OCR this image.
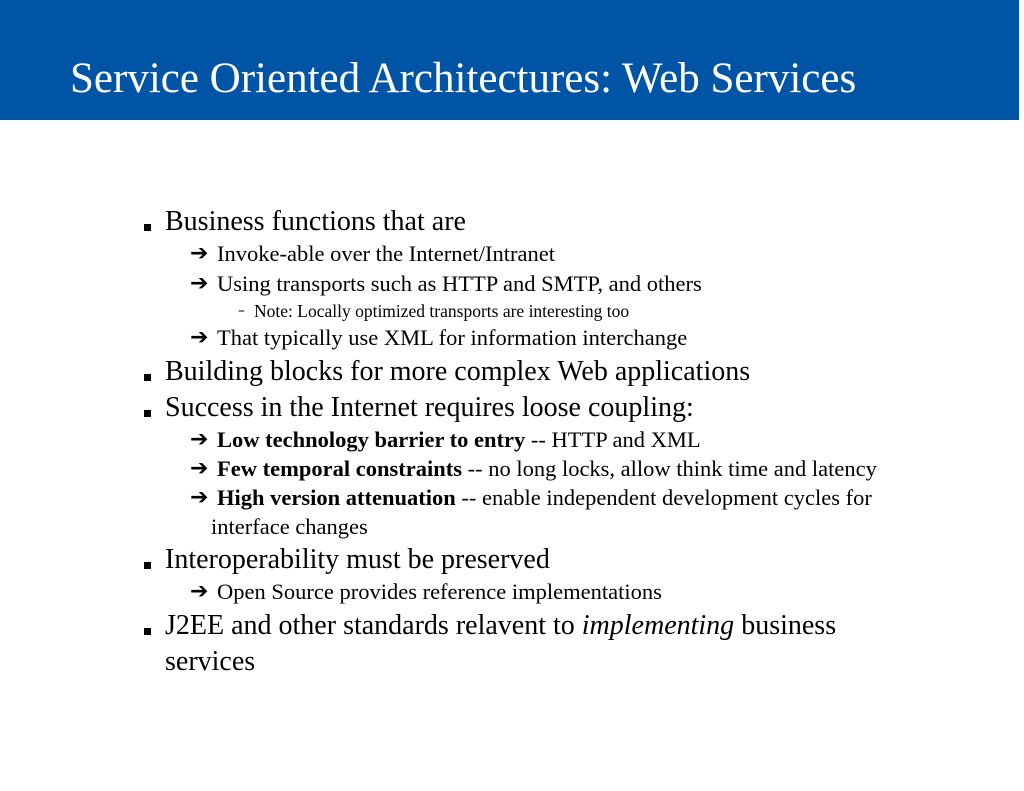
Service Oriented Architectures: Web Services
Business functions that are
➔ Invoke-able over the Internet/Intranet
➔ Using transports such as HTTP and SMTP, and others
– Note: Locally optimized transports are interesting too
➔ That typically use XML for information interchange
Building blocks for more complex Web applications
Success in the Internet requires loose coupling:
➔ Low technology barrier to entry -- HTTP and XML
➔ Few temporal constraints -- no long locks, allow think time and latency
➔ High version attenuation -- enable independent development cycles for
interface changes
Interoperability must be preserved
➔ Open Source provides reference implementations
J2EE and other standards relavent to implementing business
services
